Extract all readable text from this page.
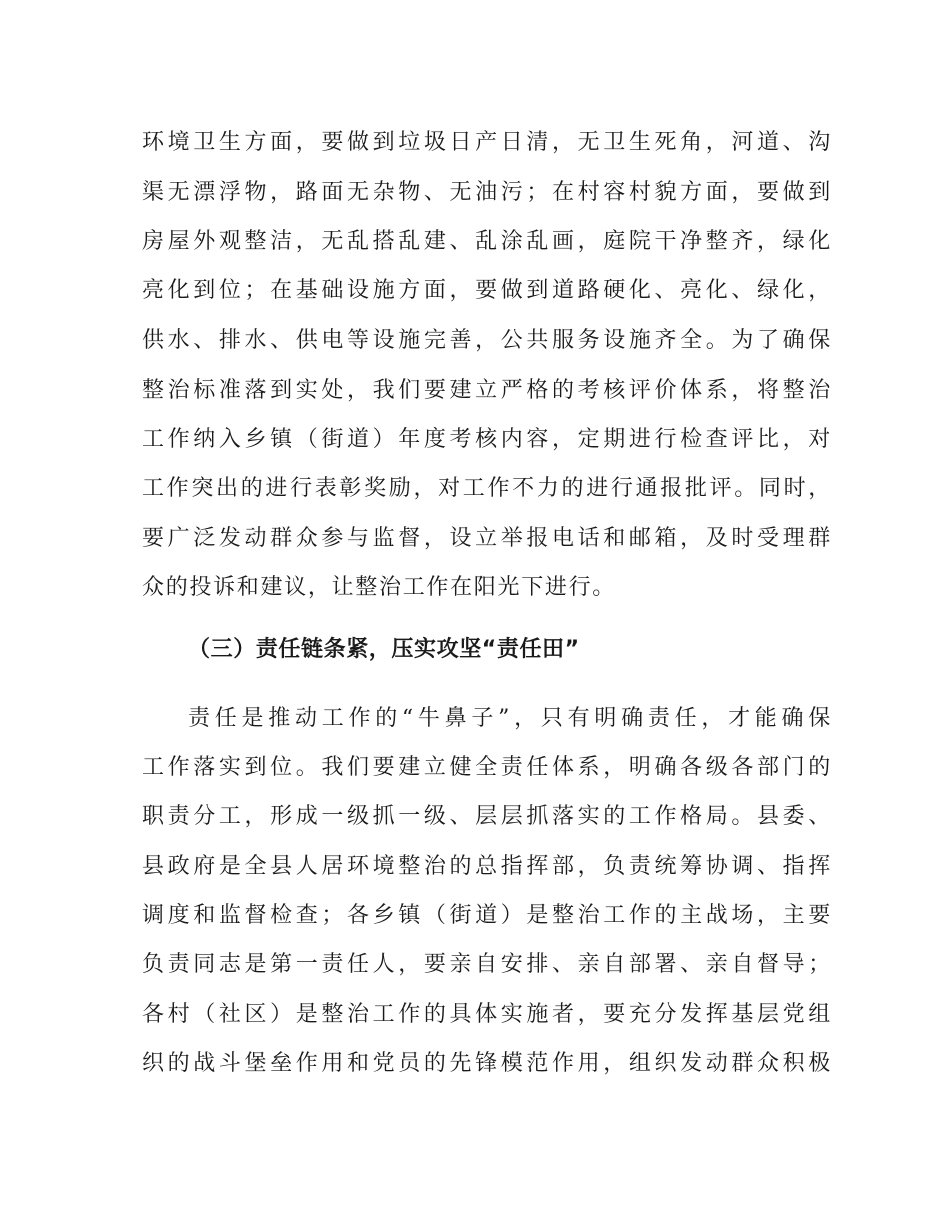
环境卫生方面，要做到垃圾日产日清，无卫生死角，河道、沟
渠无漂浮物，路面无杂物、无油污；在村容村貌方面，要做到
房屋外观整洁，无乱搭乱建、乱涂乱画，庭院干净整齐，绿化
亮化到位；在基础设施方面，要做到道路硬化、亮化、绿化，
供水、排水、供电等设施完善，公共服务设施齐全。为了确保
整治标准落到实处，我们要建立严格的考核评价体系，将整治
工作纳入乡镇（街道）年度考核内容，定期进行检查评比，对
工作突出的进行表彰奖励，对工作不力的进行通报批评。同时，
要广泛发动群众参与监督，设立举报电话和邮箱，及时受理群
众的投诉和建议，让整治工作在阳光下进行。
（三）责任链条紧，压实攻坚“责任田”
责任是推动工作的“牛鼻子”，只有明确责任，才能确保
工作落实到位。我们要建立健全责任体系，明确各级各部门的
职责分工，形成一级抓一级、层层抓落实的工作格局。县委、
县政府是全县人居环境整治的总指挥部，负责统筹协调、指挥
调度和监督检查；各乡镇（街道）是整治工作的主战场，主要
负责同志是第一责任人，要亲自安排、亲自部署、亲自督导；
各村（社区）是整治工作的具体实施者，要充分发挥基层党组
织的战斗堡垒作用和党员的先锋模范作用，组织发动群众积极
